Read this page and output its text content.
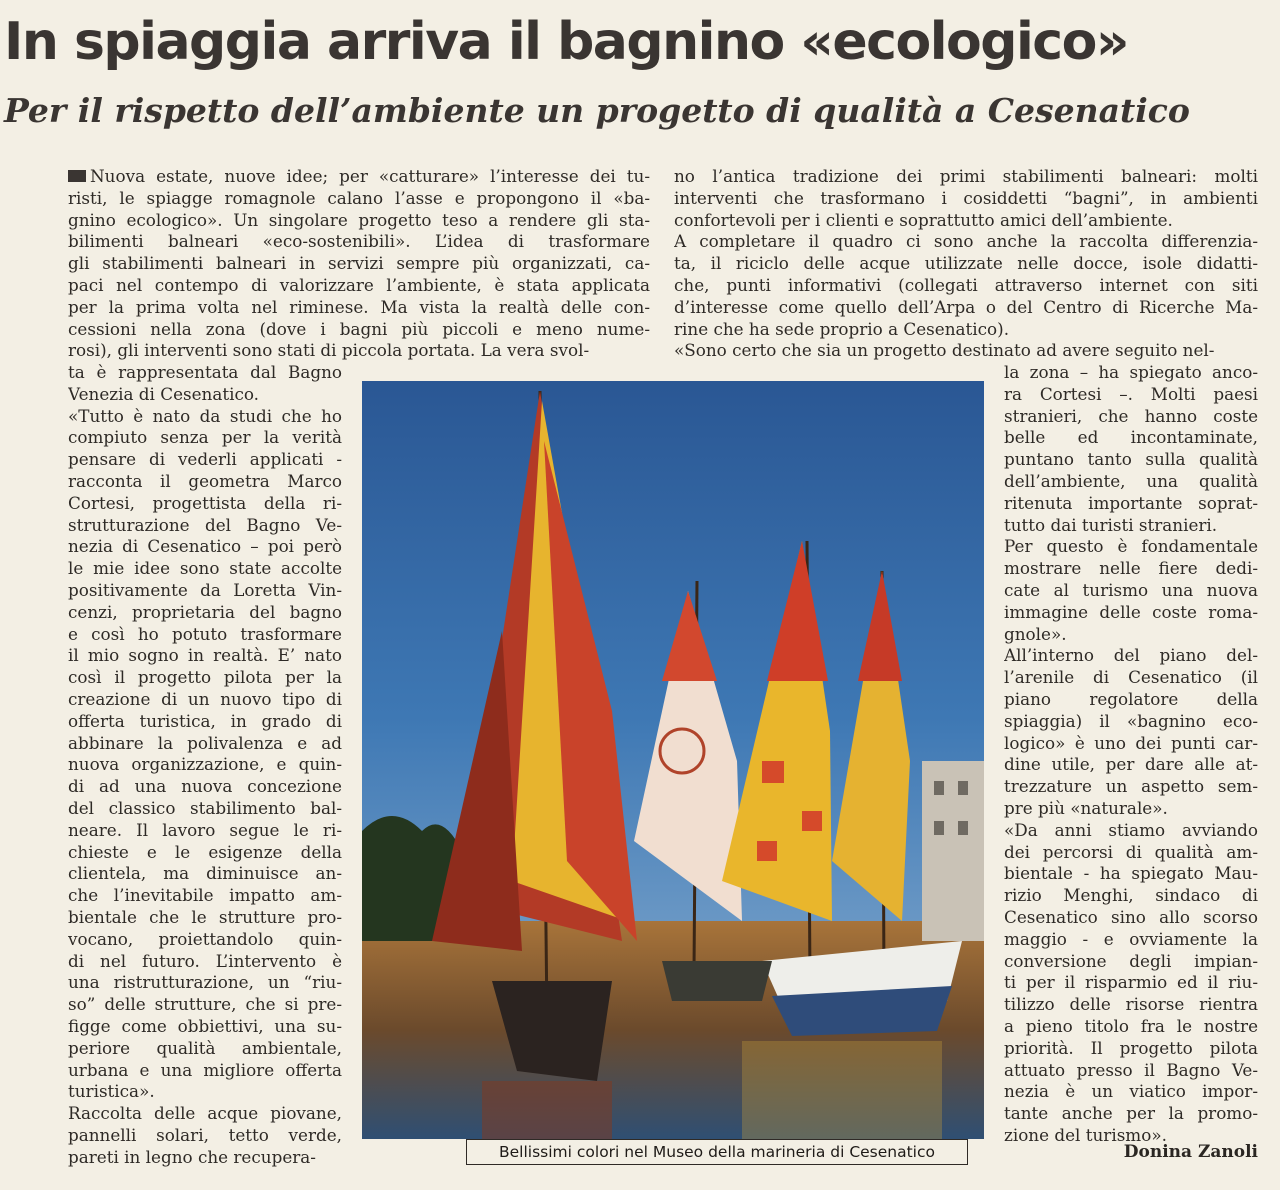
In spiaggia arriva il bagnino «ecologico»
Per il rispetto dell’ambiente un progetto di qualità a Cesenatico
Nuova estate, nuove idee; per «catturare» l’interesse dei tu-
risti, le spiagge romagnole calano l’asse e propongono il «ba-
gnino ecologico». Un singolare progetto teso a rendere gli sta-
bilimenti balneari «eco-sostenibili». L’idea di trasformare
gli stabilimenti balneari in servizi sempre più organizzati, ca-
paci nel contempo di valorizzare l’ambiente, è stata applicata
per la prima volta nel riminese. Ma vista la realtà delle con-
cessioni nella zona (dove i bagni più piccoli e meno nume-
rosi), gli interventi sono stati di piccola portata. La vera svol-
ta è rappresentata dal Bagno
Venezia di Cesenatico.
«Tutto è nato da studi che ho
compiuto senza per la verità
pensare di vederli applicati -
racconta il geometra Marco
Cortesi, progettista della ri-
strutturazione del Bagno Ve-
nezia di Cesenatico – poi però
le mie idee sono state accolte
positivamente da Loretta Vin-
cenzi, proprietaria del bagno
e così ho potuto trasformare
il mio sogno in realtà. E’ nato
così il progetto pilota per la
creazione di un nuovo tipo di
offerta turistica, in grado di
abbinare la polivalenza e ad
nuova organizzazione, e quin-
di ad una nuova concezione
del classico stabilimento bal-
neare. Il lavoro segue le ri-
chieste e le esigenze della
clientela, ma diminuisce an-
che l’inevitabile impatto am-
bientale che le strutture pro-
vocano, proiettandolo quin-
di nel futuro. L’intervento è
una ristrutturazione, un “riu-
so” delle strutture, che si pre-
figge come obbiettivi, una su-
periore qualità ambientale,
urbana e una migliore offerta
turistica».
Raccolta delle acque piovane,
pannelli solari, tetto verde,
pareti in legno che recupera-
no l’antica tradizione dei primi stabilimenti balneari: molti
interventi che trasformano i cosiddetti “bagni”, in ambienti
confortevoli per i clienti e soprattutto amici dell’ambiente.
A completare il quadro ci sono anche la raccolta differenzia-
ta, il riciclo delle acque utilizzate nelle docce, isole didatti-
che, punti informativi (collegati attraverso internet con siti
d’interesse come quello dell’Arpa o del Centro di Ricerche Ma-
rine che ha sede proprio a Cesenatico).
«Sono certo che sia un progetto destinato ad avere seguito nel-
la zona – ha spiegato anco-
ra Cortesi –. Molti paesi
stranieri, che hanno coste
belle ed incontaminate,
puntano tanto sulla qualità
dell’ambiente, una qualità
ritenuta importante soprat-
tutto dai turisti stranieri.
Per questo è fondamentale
mostrare nelle fiere dedi-
cate al turismo una nuova
immagine delle coste roma-
gnole».
All’interno del piano del-
l’arenile di Cesenatico (il
piano regolatore della
spiaggia) il «bagnino eco-
logico» è uno dei punti car-
dine utile, per dare alle at-
trezzature un aspetto sem-
pre più «naturale».
«Da anni stiamo avviando
dei percorsi di qualità am-
bientale - ha spiegato Mau-
rizio Menghi, sindaco di
Cesenatico sino allo scorso
maggio - e ovviamente la
conversione degli impian-
ti per il risparmio ed il riu-
tilizzo delle risorse rientra
a pieno titolo fra le nostre
priorità. Il progetto pilota
attuato presso il Bagno Ve-
nezia è un viatico impor-
tante anche per la promo-
zione del turismo».
Bellissimi colori nel Museo della marineria di Cesenatico	Donina Zanoli
